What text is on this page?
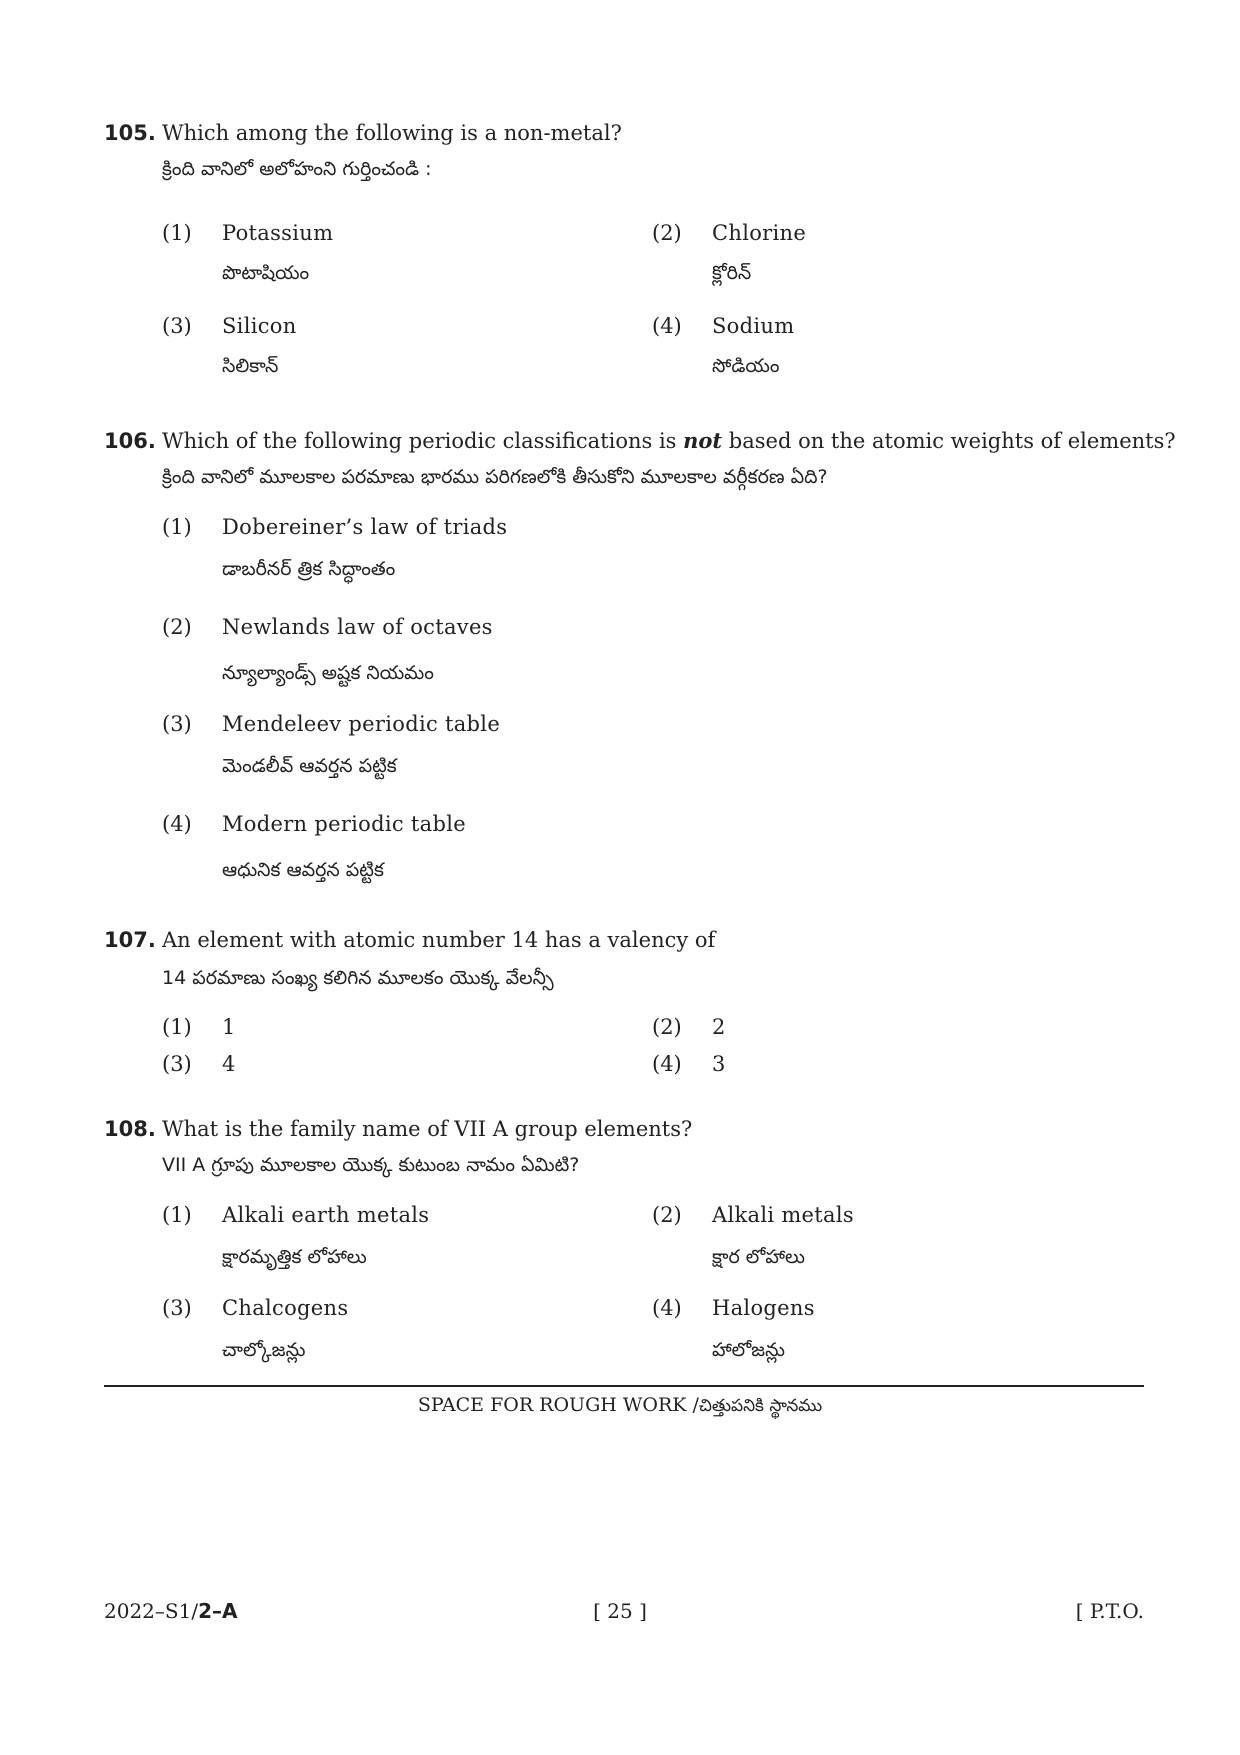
105. Which among the following is a non-metal?
క్రింది వానిలో అలోహంని గుర్తించండి :
(1) Potassium
పొటాషియం
(2) Chlorine
క్లోరిన్
(3) Silicon
సిలికాన్
(4) Sodium
సోడియం
106. Which of the following periodic classifications is not based on the atomic weights of elements?
క్రింది వానిలో మూలకాల పరమాణు భారము పరిగణలోకి తీసుకోని మూలకాల వర్గీకరణ ఏది?
(1) Dobereiner’s law of triads
డాబరీనర్ త్రిక సిద్ధాంతం
(2) Newlands law of octaves
న్యూల్యాండ్స్ అష్టక నియమం
(3) Mendeleev periodic table
మెండలీవ్ ఆవర్తన పట్టిక
(4) Modern periodic table
ఆధునిక ఆవర్తన పట్టిక
107. An element with atomic number 14 has a valency of
14 పరమాణు సంఖ్య కలిగిన మూలకం యొక్క వేలన్సీ
(1) 1	(2) 2
(3) 4	(4) 3
108. What is the family name of VII A group elements?
VII A గ్రూపు మూలకాల యొక్క కుటుంబ నామం ఏమిటి?
(1) Alkali earth metals
క్షారమృత్తిక లోహాలు
(2) Alkali metals
క్షార లోహాలు
(3) Chalcogens
చాల్కోజన్లు
(4) Halogens
హాలోజన్లు
SPACE FOR ROUGH WORK /చిత్తుపనికి స్థానము
2022–S1/2–A	[ 25 ]	[ P.T.O.
